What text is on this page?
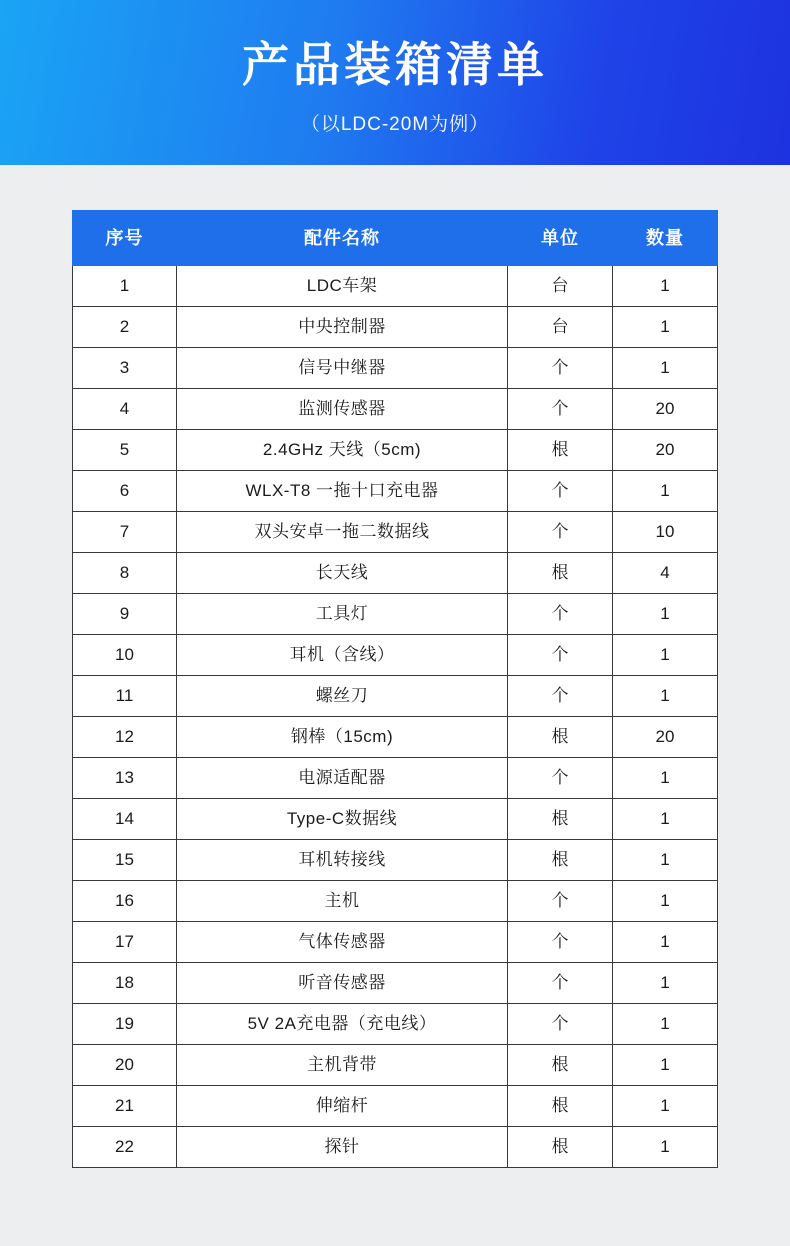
产品装箱清单
（以LDC-20M为例）
序号	配件名称	单位	数量
1	LDC车架	台	1
2	中央控制器	台	1
3	信号中继器	个	1
4	监测传感器	个	20
5	2.4GHz 天线（5cm)	根	20
6	WLX-T8 一拖十口充电器	个	1
7	双头安卓一拖二数据线	个	10
8	长天线	根	4
9	工具灯	个	1
10	耳机（含线）	个	1
11	螺丝刀	个	1
12	钢棒（15cm)	根	20
13	电源适配器	个	1
14	Type-C数据线	根	1
15	耳机转接线	根	1
16	主机	个	1
17	气体传感器	个	1
18	听音传感器	个	1
19	5V 2A充电器（充电线）	个	1
20	主机背带	根	1
21	伸缩杆	根	1
22	探针	根	1
